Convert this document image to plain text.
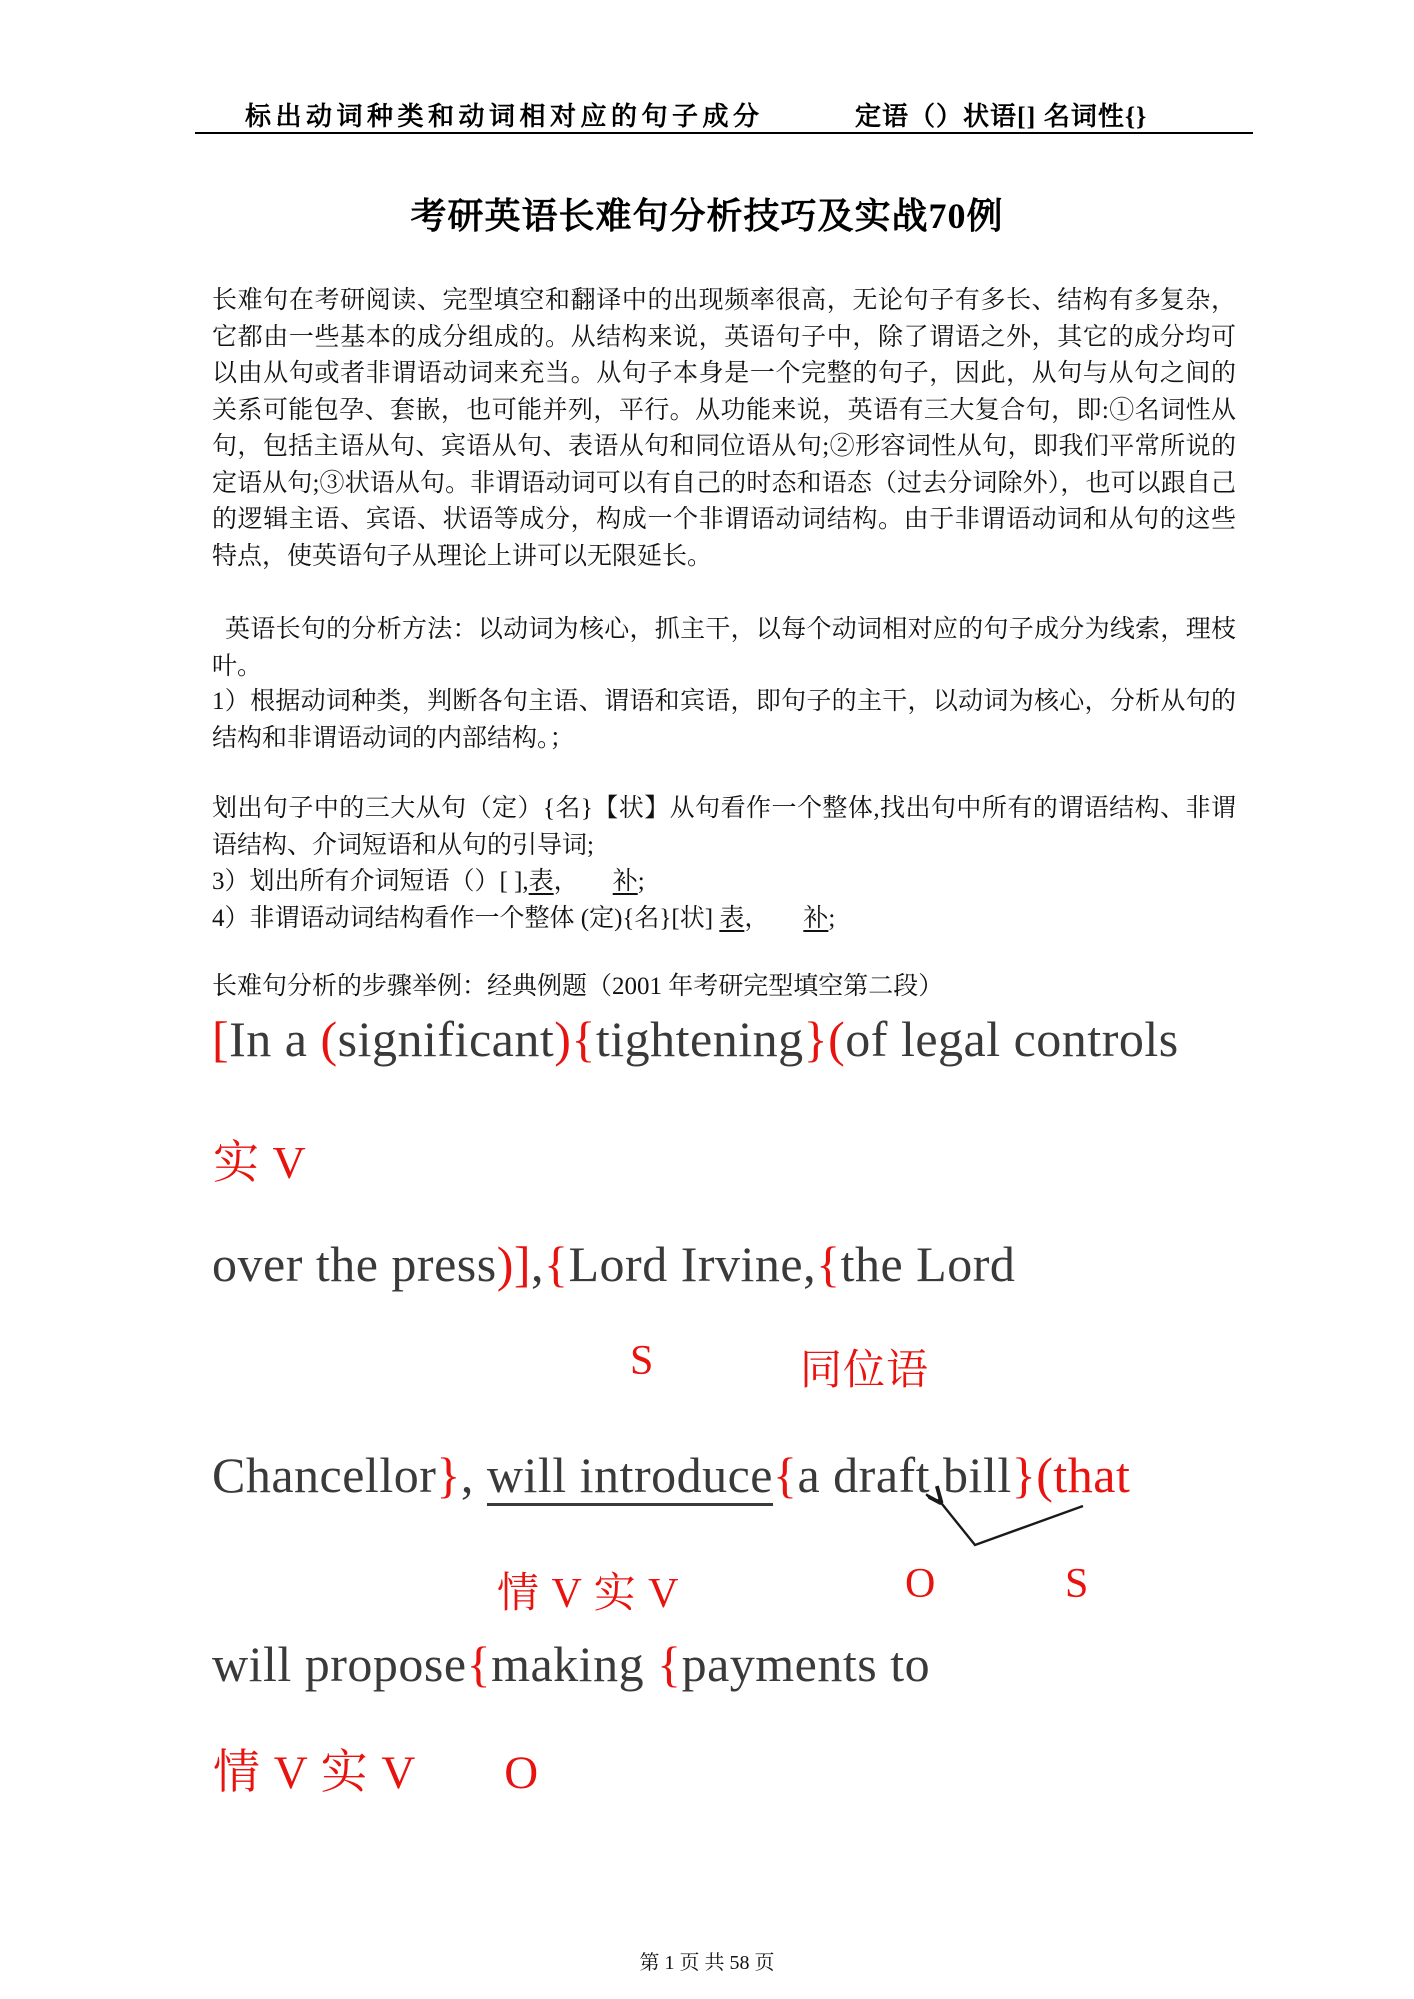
标出动词种类和动词相对应的句子成分	定语（）状语[] 名词性{}
考研英语长难句分析技巧及实战70例

长难句在考研阅读、完型填空和翻译中的出现频率很高，无论句子有多长、结构有多复杂，它都由一些基本的成分组成的。从结构来说，英语句子中，除了谓语之外，其它的成分均可以由从句或者非谓语动词来充当。从句子本身是一个完整的句子，因此，从句与从句之间的关系可能包孕、套嵌，也可能并列，平行。从功能来说，英语有三大复合句，即:①名词性从句，包括主语从句、宾语从句、表语从句和同位语从句;②形容词性从句，即我们平常所说的定语从句;③状语从句。非谓语动词可以有自己的时态和语态（过去分词除外），也可以跟自己的逻辑主语、宾语、状语等成分，构成一个非谓语动词结构。由于非谓语动词和从句的这些特点，使英语句子从理论上讲可以无限延长。

英语长句的分析方法：以动词为核心，抓主干，以每个动词相对应的句子成分为线索，理枝叶。

1）根据动词种类，判断各句主语、谓语和宾语，即句子的主干，以动词为核心，分析从句的结构和非谓语动词的内部结构。；

划出句子中的三大从句（定）{名}【状】从句看作一个整体,找出句中所有的谓语结构、非谓语结构、介词短语和从句的引导词;

3）划出所有介词短语（）[ ],表， 补;

4）非谓语动词结构看作一个整体 (定){名}[状] 表， 补;

长难句分析的步骤举例：经典例题（2001 年考研完型填空第二段）

[In a (significant){tightening}(of legal controls
实 V
over the press)],{Lord Irvine,{the Lord
S	同位语
Chancellor}, will introduce{a draft bill}(that
情 V 实 V	O	S
will propose{making {payments to
情 V 实 V O
第 1 页 共 58 页
